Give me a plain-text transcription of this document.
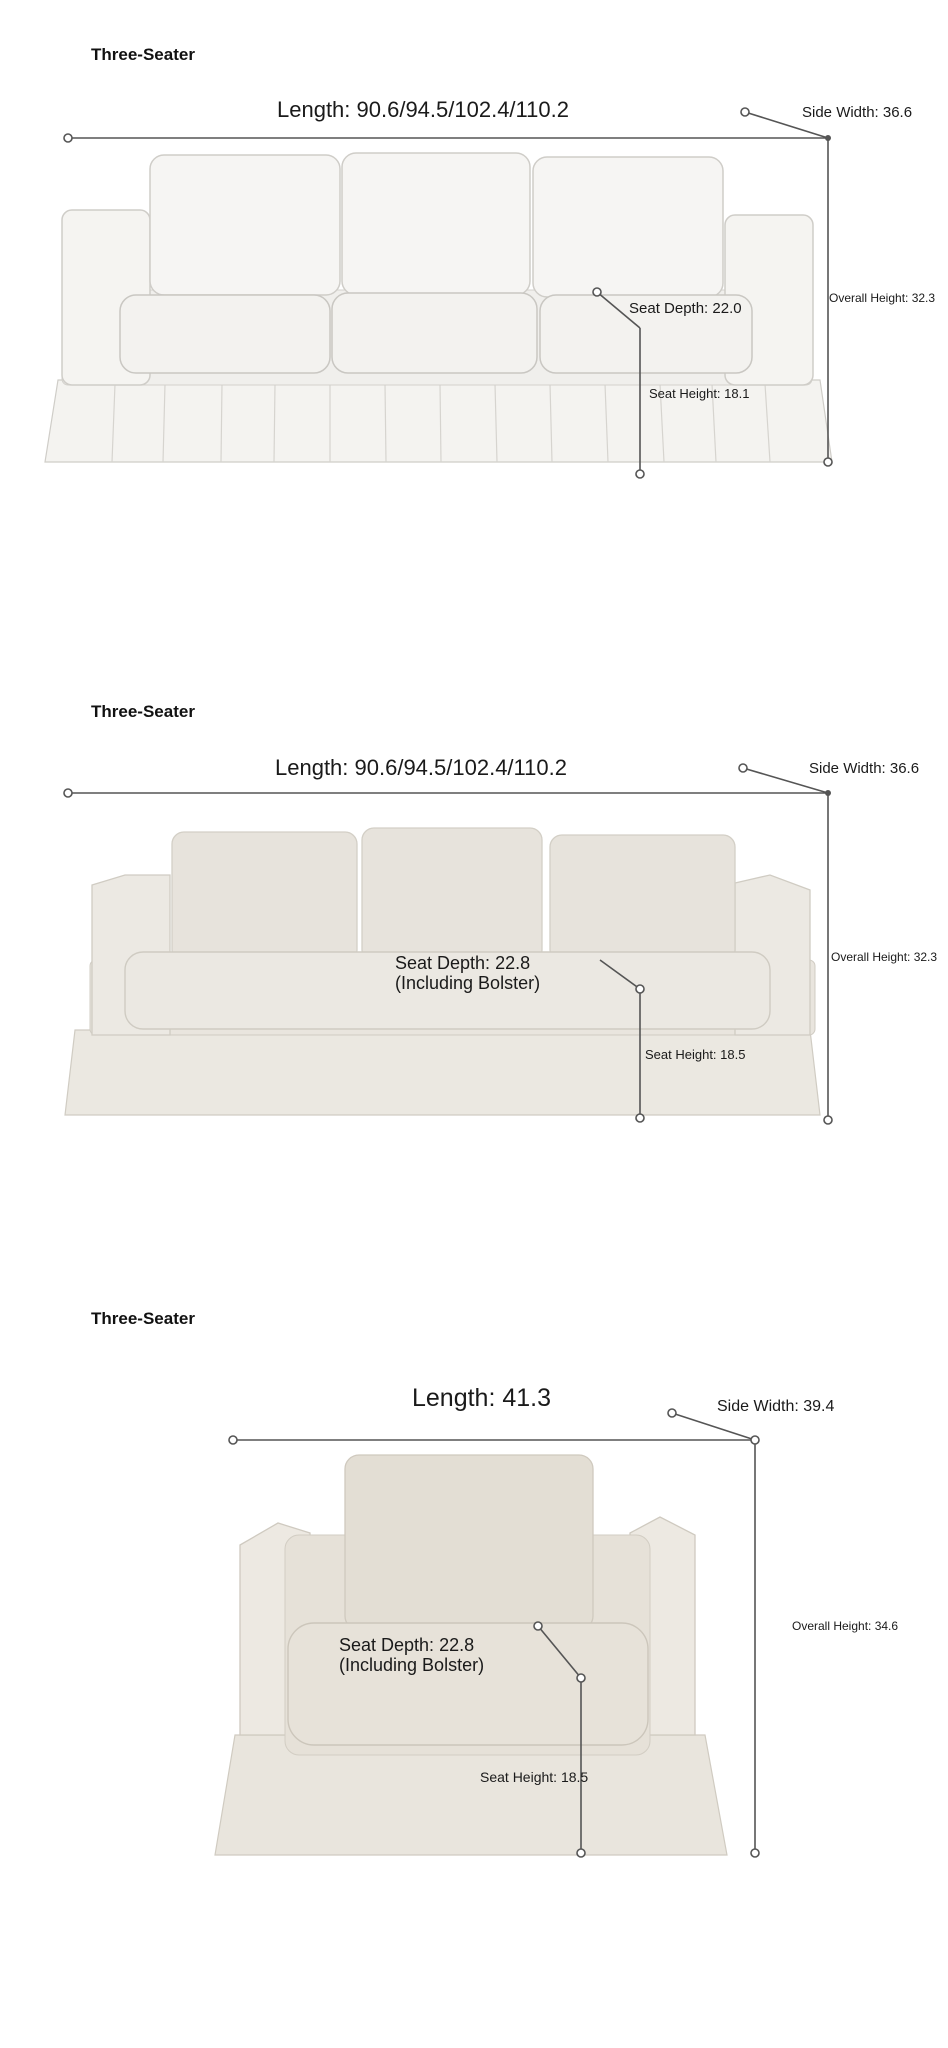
Three-Seater
Length: 90.6/94.5/102.4/110.2	Side Width: 36.6
Overall Height: 32.3
Seat Depth: 22.0
Seat Height: 18.1
Three-Seater
Length: 90.6/94.5/102.4/110.2	Side Width: 36.6
Overall Height: 32.3
Seat Depth: 22.8
(Including Bolster)
Seat Height: 18.5
Three-Seater
Length: 41.3	Side Width: 39.4
Overall Height: 34.6
Seat Depth: 22.8
(Including Bolster)
Seat Height: 18.5
